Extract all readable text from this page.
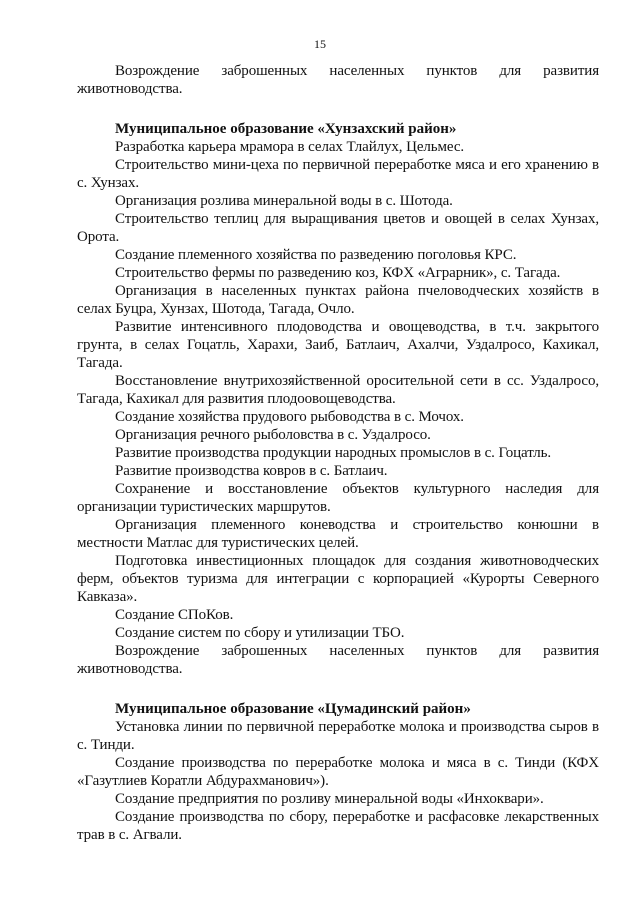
15

Возрождение заброшенных населенных пунктов для развития животноводства.

Муниципальное образование «Хунзахский район»

Разработка карьера мрамора в селах Тлайлух, Цельмес.

Строительство мини-цеха по первичной переработке мяса и его хранению в с. Хунзах.

Организация розлива минеральной воды в с. Шотода.

Строительство теплиц для выращивания цветов и овощей в селах Хунзах, Орота.

Создание племенного хозяйства по разведению поголовья КРС.

Строительство фермы по разведению коз, КФХ «Аграрник», с. Тагада.

Организация в населенных пунктах района пчеловодческих хозяйств в селах Буцра, Хунзах, Шотода, Тагада, Очло.

Развитие интенсивного плодоводства и овощеводства, в т.ч. закрытого грунта, в селах Гоцатль, Харахи, Заиб, Батлаич, Ахалчи, Уздалросо, Кахикал, Тагада.

Восстановление внутрихозяйственной оросительной сети в сс. Уздалросо, Тагада, Кахикал для развития плодоовощеводства.

Создание хозяйства прудового рыбоводства в с. Мочох.

Организация речного рыболовства в с. Уздалросо.

Развитие производства продукции народных промыслов в с. Гоцатль.

Развитие производства ковров в с. Батлаич.

Сохранение и восстановление объектов культурного наследия для организации туристических маршрутов.

Организация племенного коневодства и строительство конюшни в местности Матлас для туристических целей.

Подготовка инвестиционных площадок для создания животноводческих ферм, объектов туризма для интеграции с корпорацией «Курорты Северного Кавказа».

Создание СПоКов.

Создание систем по сбору и утилизации ТБО.

Возрождение заброшенных населенных пунктов для развития животноводства.

Муниципальное образование «Цумадинский район»

Установка линии по первичной переработке молока и производства сыров в с. Тинди.

Создание производства по переработке молока и мяса в с. Тинди (КФХ «Газутлиев Коратли Абдурахманович»).

Создание предприятия по розливу минеральной воды «Инхоквари».

Создание производства по сбору, переработке и расфасовке лекарственных трав в с. Агвали.
